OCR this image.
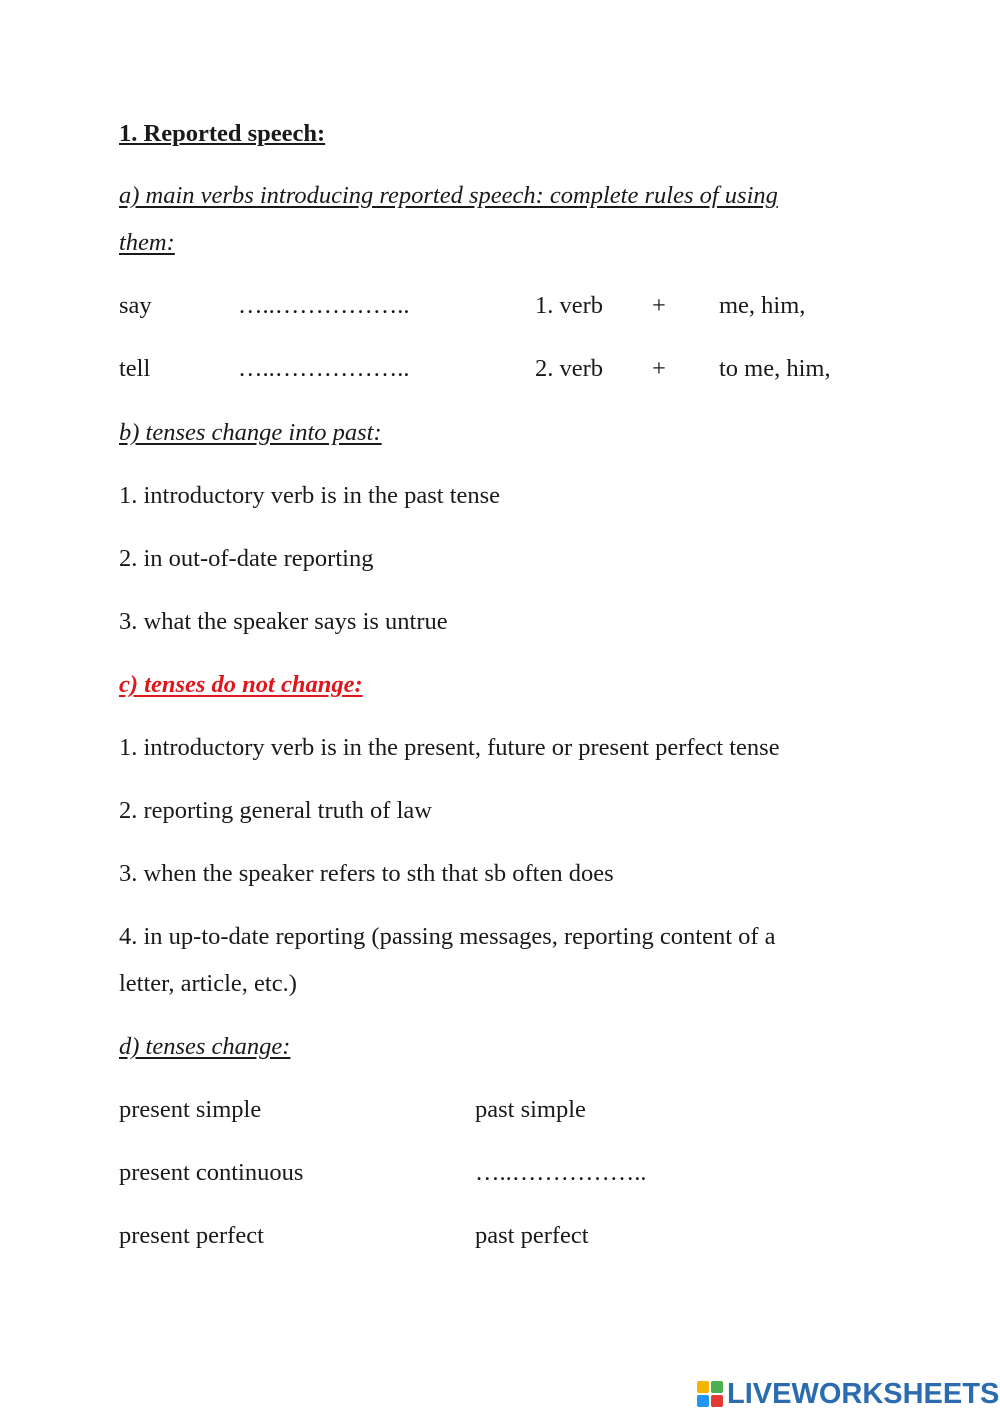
1. Reported speech:
a) main verbs introducing reported speech: complete rules of using
them:
say	…..……………..	1. verb + me, him,
tell	…..……………..	2. verb + to me, him,
b) tenses change into past:
1. introductory verb is in the past tense
2. in out-of-date reporting
3. what the speaker says is untrue
c) tenses do not change:
1. introductory verb is in the present, future or present perfect tense
2. reporting general truth of law
3. when the speaker refers to sth that sb often does
4. in up-to-date reporting (passing messages, reporting content of a
letter, article, etc.)
d) tenses change:
present simple	past simple
present continuous	…..……………..
present perfect	past perfect
LIVEWORKSHEETS
